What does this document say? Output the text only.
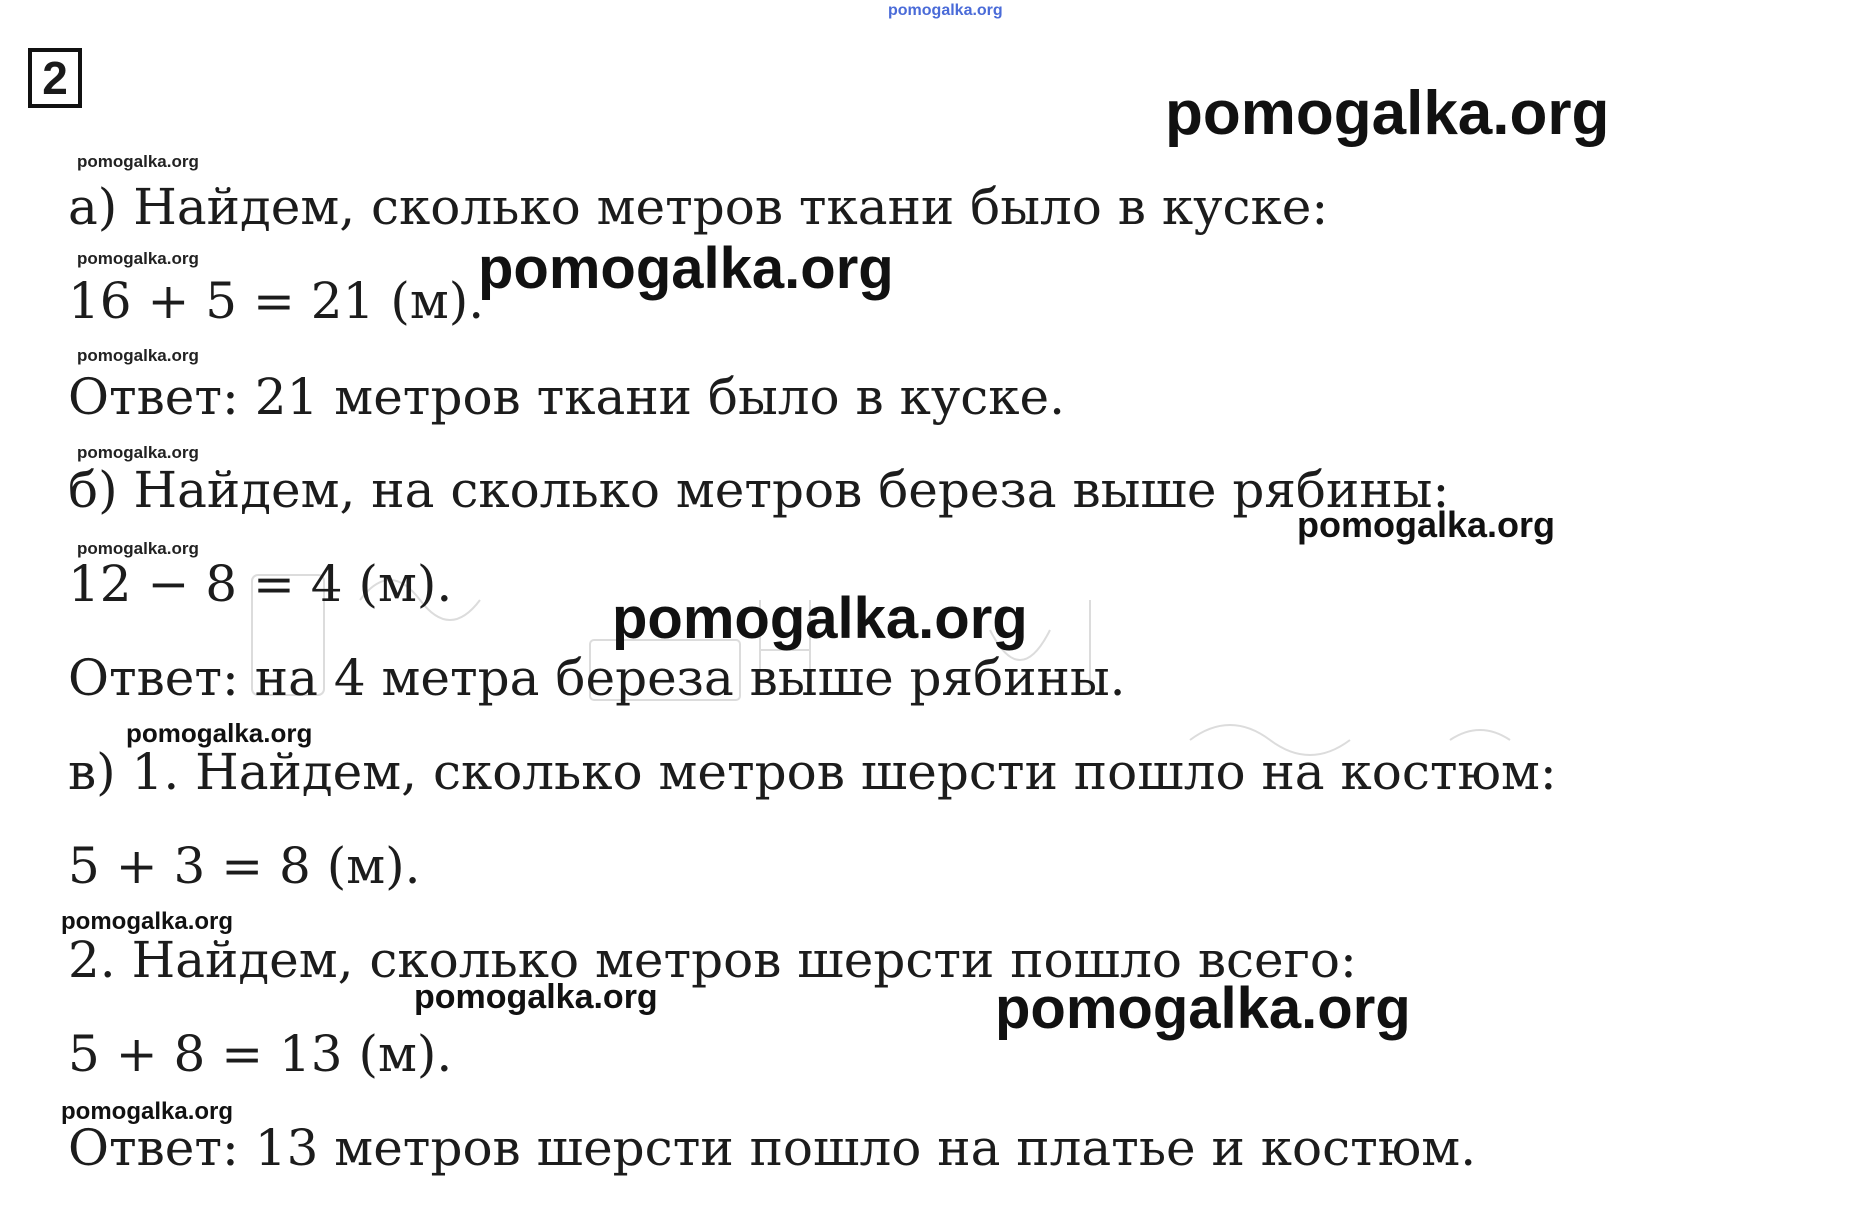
2
pomogalka.org
pomogalka.org
pomogalka.org
pomogalka.org	pomogalka.org
pomogalka.org
pomogalka.org
pomogalka.org
pomogalka.org
pomogalka.org
pomogalka.org
pomogalka.org
pomogalka.org	pomogalka.org
pomogalka.org
а) Найдем, сколько метров ткани было в куске:
16 + 5 = 21 (м).
Ответ: 21 метров ткани было в куске.
б) Найдем, на сколько метров береза выше рябины:
12 − 8 = 4 (м).
Ответ: на 4 метра береза выше рябины.
в) 1. Найдем, сколько метров шерсти пошло на костюм:
5 + 3 = 8 (м).
2. Найдем, сколько метров шерсти пошло всего:
5 + 8 = 13 (м).
Ответ: 13 метров шерсти пошло на платье и костюм.
